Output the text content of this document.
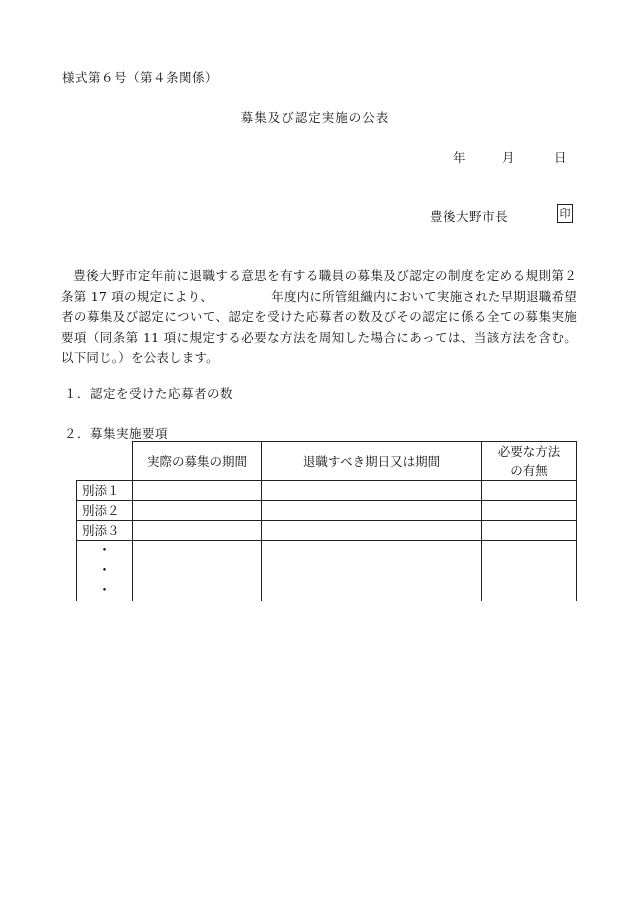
様式第６号（第４条関係）
募集及び認定実施の公表
年	月	日
豊後大野市長	印

豊後大野市定年前に退職する意思を有する職員の募集及び認定の制度を定める規則第２条第 17 項の規定により、	年度内に所管組織内において実施された早期退職希望者の募集及び認定について、認定を受けた応募者の数及びその認定に係る全ての募集実施要項（同条第 11 項に規定する必要な方法を周知した場合にあっては、当該方法を含む。以下同じ。）を公表します。

１．認定を受けた応募者の数
２．募集実施要項
	実際の募集の期間	退職すべき期日又は期間	必要な方法
の有無
別添１			
別添２			
別添３			
・			
・			
・			
